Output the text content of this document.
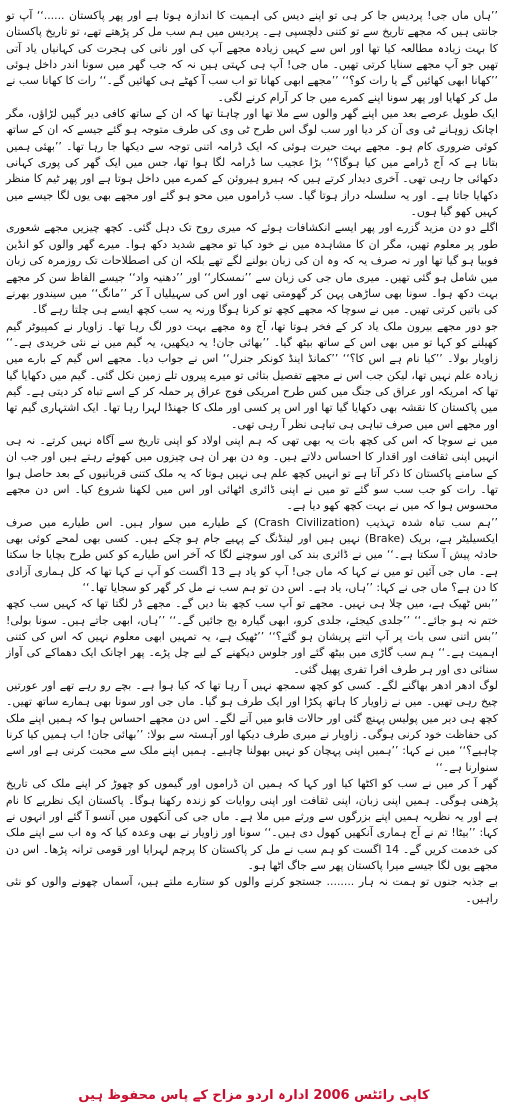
’’ہاں ماں جی! پردیس جا کر ہی تو اپنے دیس کی اہمیت کا اندازہ ہوتا ہے اور پھر پاکستان ......‘‘ آپ تو جانتی ہیں کہ مجھے تاریخ سے تو کتنی دلچسپی ہے۔ پردیس میں ہم سب مل کر پڑھتے تھے، تو تاریخ پاکستان کا بہت زیادہ مطالعہ کیا تھا اور اس سے کہیں زیادہ مجھے آپ کی اور نانی کی ہجرت کی کہانیاں یاد آتی تھیں جو آپ مجھے سنایا کرتی تھیں۔ ماں جی! آپ ہی کہتی ہیں نہ کہ جب گھر میں سونا اندر داخل ہوئی ’’کھانا ابھی کھائیں گے یا رات کو؟‘‘ ’’مجھے ابھی کھانا تو اب سب آ کھٹے ہی کھائیں گے۔‘‘ رات کا کھانا سب نے مل کر کھایا اور پھر سونا اپنے کمرے میں جا کر آرام کرنے لگی۔

ایک طویل عرصے بعد میں اپنے گھر والوں سے ملا تھا اور چاہتا تھا کہ ان کے ساتھ کافی دیر گپیں لڑاؤں، مگر اچانک زوہانے ٹی وی آن کر دیا اور سب لوگ اس طرح ٹی وی کی طرف متوجہ ہو گئے جیسے کہ ان کے ساتھ کوئی ضروری کام ہو۔ مجھے بہت حیرت ہوئی کہ ایک ڈرامہ اتنی توجہ سے دیکھا جا رہا تھا۔ ’’بھئی ہمیں بتانا ہے کہ آج ڈرامے میں کیا ہوگا؟‘‘ بڑا عجیب سا ڈرامہ لگا ہوا تھا، جس میں ایک گھر کی پوری کہانی دکھائی جا رہی تھی۔ آخری دیدار کرتے ہیں کہ ہیرو ہیروئن کے کمرے میں داخل ہوتا ہے اور پھر ٹیم کا منظر دکھایا جاتا ہے۔ اور یہ سلسلہ دراز ہوتا گیا۔ سب ڈراموں میں محو ہو گئے اور مجھے بھی یوں لگا جیسے میں کہیں کھو گیا ہوں۔

اگلے دو دن مزید گزرے اور پھر ایسے انکشافات ہوئے کہ میری روح تک دہل گئی۔ کچھ چیزیں مجھے شعوری طور پر معلوم تھیں، مگر ان کا مشاہدہ میں نے خود کیا تو مجھے شدید دکھ ہوا۔ میرے گھر والوں کو انڈین فوبیا ہو گیا تھا اور نہ صرف یہ کہ وہ ان کی زبان بولنے لگے تھے بلکہ ان کی اصطلاحات تک روزمرہ کی زبان میں شامل ہو گئی تھیں۔ میری ماں جی کی زبان سے ’’نمسکار‘‘ اور ’’دھنیہ واد‘‘ جیسے الفاظ سن کر مجھے بہت دکھ ہوا۔ سونا بھی ساڑھی پہن کر گھومتی تھی اور اس کی سہیلیاں آ کر ’’مانگ‘‘ میں سیندور بھرنے کی باتیں کرتی تھیں۔ میں نے سوچا کہ مجھے کچھ تو کرنا ہوگا ورنہ یہ سب کچھ ایسے ہی چلتا رہے گا۔

جو دور مجھے بیرون ملک یاد کر کے فخر ہوتا تھا، آج وہ مجھے بہت دور لگ رہا تھا۔ زاویار نے کمپیوٹر گیم کھیلنے کو کہا تو میں بھی اس کے ساتھ بیٹھ گیا۔ ’’بھائی جان! یہ دیکھیں، یہ گیم میں نے نئی خریدی ہے۔‘‘ زاویار بولا۔ ’’کیا نام ہے اس کا؟‘‘ ’’کمانڈ اینڈ کونکر جنرل‘‘ اس نے جواب دیا۔ مجھے اس گیم کے بارے میں زیادہ علم نہیں تھا، لیکن جب اس نے مجھے تفصیل بتائی تو میرے پیروں تلے زمین نکل گئی۔ گیم میں دکھایا گیا تھا کہ امریکہ اور عراق کی جنگ میں کس طرح امریکی فوج عراق پر حملہ کر کے اسے تباہ کر دیتی ہے۔ گیم میں پاکستان کا نقشہ بھی دکھایا گیا تھا اور اس پر کسی اور ملک کا جھنڈا لہرا رہا تھا۔ ایک اشتہاری گیم تھا اور مجھے اس میں صرف تباہی ہی تباہی نظر آ رہی تھی۔

میں نے سوچا کہ اس کی کچھ بات یہ بھی تھی کہ ہم اپنی اولاد کو اپنی تاریخ سے آگاہ نہیں کرتے۔ نہ ہی انہیں اپنی ثقافت اور اقدار کا احساس دلاتے ہیں۔ وہ دن بھر ان ہی چیزوں میں کھوئے رہتے ہیں اور جب ان کے سامنے پاکستان کا ذکر آتا ہے تو انہیں کچھ علم ہی نہیں ہوتا کہ یہ ملک کتنی قربانیوں کے بعد حاصل ہوا تھا۔ رات کو جب سب سو گئے تو میں نے اپنی ڈائری اٹھائی اور اس میں لکھنا شروع کیا۔ اس دن مجھے محسوس ہوا کہ میں نے بہت کچھ کھو دیا ہے۔

’’ہم سب تباہ شدہ تہذیب (Crash Civilization) کے طیارے میں سوار ہیں۔ اس طیارے میں صرف ایکسیلیٹر ہے، بریک (Brake) نہیں ہیں اور لینڈنگ کے پہیے جام ہو چکے ہیں۔ کسی بھی لمحے کوئی بھی حادثہ پیش آ سکتا ہے۔‘‘ میں نے ڈائری بند کی اور سوچنے لگا کہ آخر اس طیارے کو کس طرح بچایا جا سکتا ہے۔ ماں جی آئیں تو میں نے کہا کہ ماں جی! آپ کو یاد ہے 13 اگست کو آپ نے کہا تھا کہ کل ہماری آزادی کا دن ہے؟ ماں جی نے کہا: ’’ہاں، یاد ہے۔ اس دن تو ہم سب نے مل کر گھر کو سجایا تھا۔‘‘

’’بس ٹھیک ہے، میں چلا ہی نہیں۔ مجھے تو آپ سب کچھ بتا دیں گے۔ مجھے ڈر لگتا تھا کہ کہیں سب کچھ ختم نہ ہو جائے۔‘‘ ’’جلدی کیجئے، جلدی کرو، ابھی گیارہ بج جائیں گے۔‘‘ ’’ہاں، ابھی جاتے ہیں۔ سونا بولی! ’’بس اتنی سی بات پر آپ اتنے پریشان ہو گئے؟‘‘ ’’ٹھیک ہے، یہ تمہیں ابھی معلوم نہیں کہ اس کی کتنی اہمیت ہے۔‘‘ ہم سب گاڑی میں بیٹھ گئے اور جلوس دیکھنے کے لیے چل پڑے۔ پھر اچانک ایک دھماکے کی آواز سنائی دی اور ہر طرف افرا تفری پھیل گئی۔

لوگ ادھر ادھر بھاگنے لگے۔ کسی کو کچھ سمجھ نہیں آ رہا تھا کہ کیا ہوا ہے۔ بچے رو رہے تھے اور عورتیں چیخ رہی تھیں۔ میں نے زاویار کا ہاتھ پکڑا اور ایک طرف ہو گیا۔ ماں جی اور سونا بھی ہمارے ساتھ تھیں۔ کچھ ہی دیر میں پولیس پہنچ گئی اور حالات قابو میں آنے لگے۔ اس دن مجھے احساس ہوا کہ ہمیں اپنے ملک کی حفاظت خود کرنی ہوگی۔ زاویار نے میری طرف دیکھا اور آہستہ سے بولا: ’’بھائی جان! اب ہمیں کیا کرنا چاہیے؟‘‘ میں نے کہا: ’’ہمیں اپنی پہچان کو نہیں بھولنا چاہیے۔ ہمیں اپنے ملک سے محبت کرنی ہے اور اسے سنوارنا ہے۔‘‘

گھر آ کر میں نے سب کو اکٹھا کیا اور کہا کہ ہمیں ان ڈراموں اور گیموں کو چھوڑ کر اپنے ملک کی تاریخ پڑھنی ہوگی۔ ہمیں اپنی زبان، اپنی ثقافت اور اپنی روایات کو زندہ رکھنا ہوگا۔ پاکستان ایک نظریے کا نام ہے اور یہ نظریہ ہمیں اپنے بزرگوں سے ورثے میں ملا ہے۔ ماں جی کی آنکھوں میں آنسو آ گئے اور انہوں نے کہا: ’’بیٹا! تم نے آج ہماری آنکھیں کھول دی ہیں۔‘‘ سونا اور زاویار نے بھی وعدہ کیا کہ وہ اب سے اپنے ملک کی خدمت کریں گے۔ 14 اگست کو ہم سب نے مل کر پاکستان کا پرچم لہرایا اور قومی ترانہ پڑھا۔ اس دن مجھے یوں لگا جیسے میرا پاکستان پھر سے جاگ اٹھا ہو۔

بے جذبہ جنوں تو ہمت نہ ہار ........ جستجو کرنے والوں کو ستارے ملتے ہیں، آسماں چھونے والوں کو نئی راہیں۔

کاپی رائٹس 2006 ادارہ اردو مزاح کے پاس محفوظ ہیں
